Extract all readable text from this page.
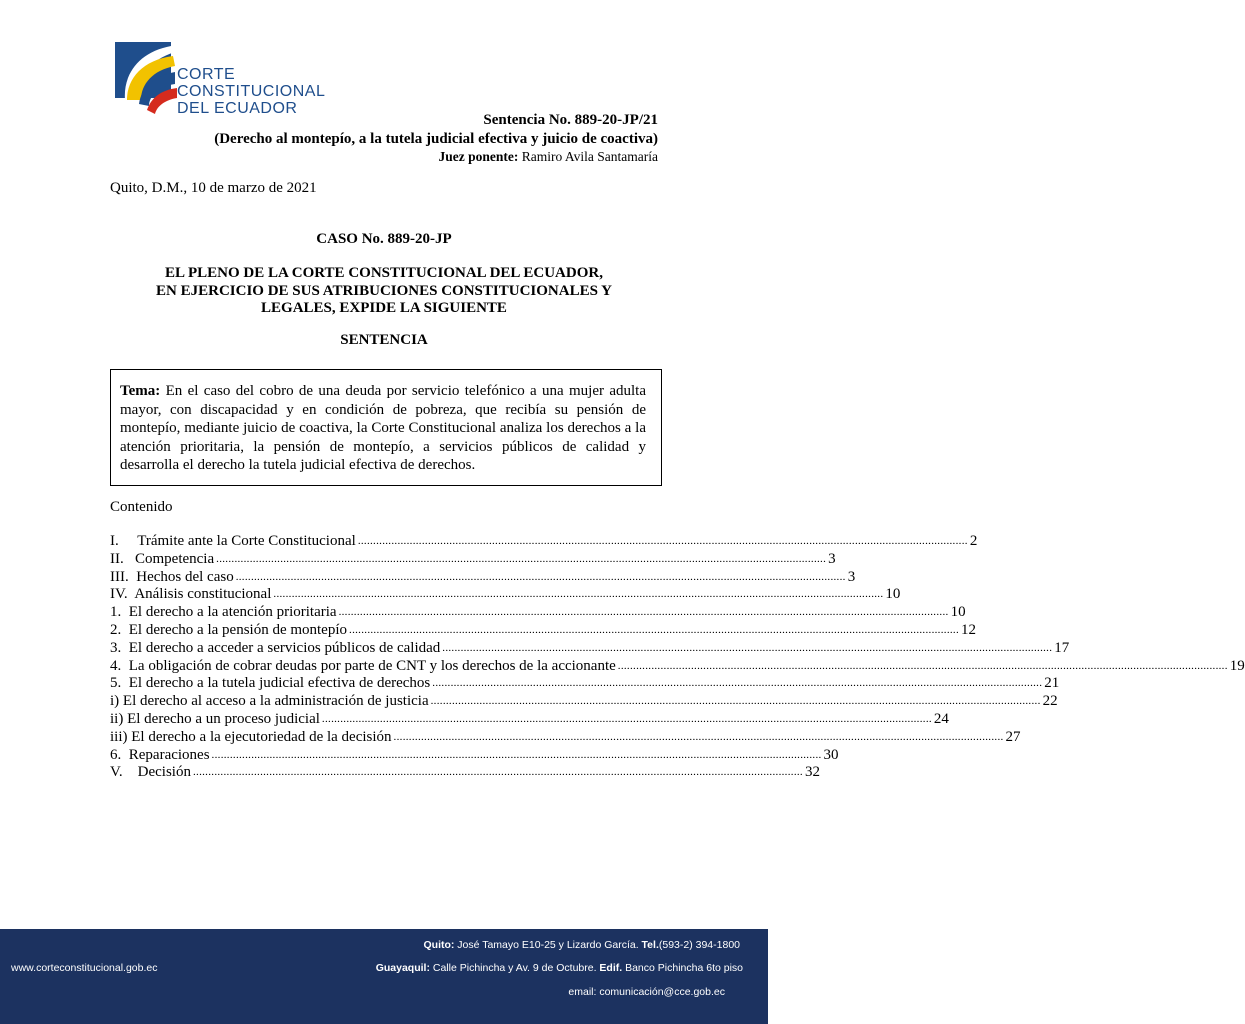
CORTE
CONSTITUCIONAL
DEL ECUADOR
Sentencia No. 889-20-JP/21
(Derecho al montepío, a la tutela judicial efectiva y juicio de coactiva)
Juez ponente: Ramiro Avila Santamaría
Quito, D.M., 10 de marzo de 2021
CASO No. 889-20-JP
EL PLENO DE LA CORTE CONSTITUCIONAL DEL ECUADOR,
EN EJERCICIO DE SUS ATRIBUCIONES CONSTITUCIONALES Y
LEGALES, EXPIDE LA SIGUIENTE
SENTENCIA
Tema: En el caso del cobro de una deuda por servicio telefónico a una mujer adulta mayor, con discapacidad y en condición de pobreza, que recibía su pensión de montepío, mediante juicio de coactiva, la Corte Constitucional analiza los derechos a la atención prioritaria, la pensión de montepío, a servicios públicos de calidad y desarrolla el derecho la tutela judicial efectiva de derechos.
Contenido
I.     Trámite ante la Corte Constitucional ........................................................................................................................................................................................................ 2
II.   Competencia ........................................................................................................................................................................................................ 3
III.  Hechos del caso ........................................................................................................................................................................................................ 3
IV.  Análisis constitucional ........................................................................................................................................................................................................ 10
1.  El derecho a la atención prioritaria ........................................................................................................................................................................................................ 10
2.  El derecho a la pensión de montepío ........................................................................................................................................................................................................ 12
3.  El derecho a acceder a servicios públicos de calidad ........................................................................................................................................................................................................ 17
4.  La obligación de cobrar deudas por parte de CNT y los derechos de la accionante ........................................................................................................................................................................................................ 19
5.  El derecho a la tutela judicial efectiva de derechos ........................................................................................................................................................................................................ 21
i) El derecho al acceso a la administración de justicia ........................................................................................................................................................................................................ 22
ii) El derecho a un proceso judicial ........................................................................................................................................................................................................ 24
iii) El derecho a la ejecutoriedad de la decisión ........................................................................................................................................................................................................ 27
6.  Reparaciones ........................................................................................................................................................................................................ 30
V.    Decisión ........................................................................................................................................................................................................ 32
Quito: José Tamayo E10-25 y Lizardo García. Tel.(593-2) 394-1800
www.corteconstitucional.gob.ec	Guayaquil: Calle Pichincha y Av. 9 de Octubre. Edif. Banco Pichincha 6to piso
email: comunicación@cce.gob.ec
